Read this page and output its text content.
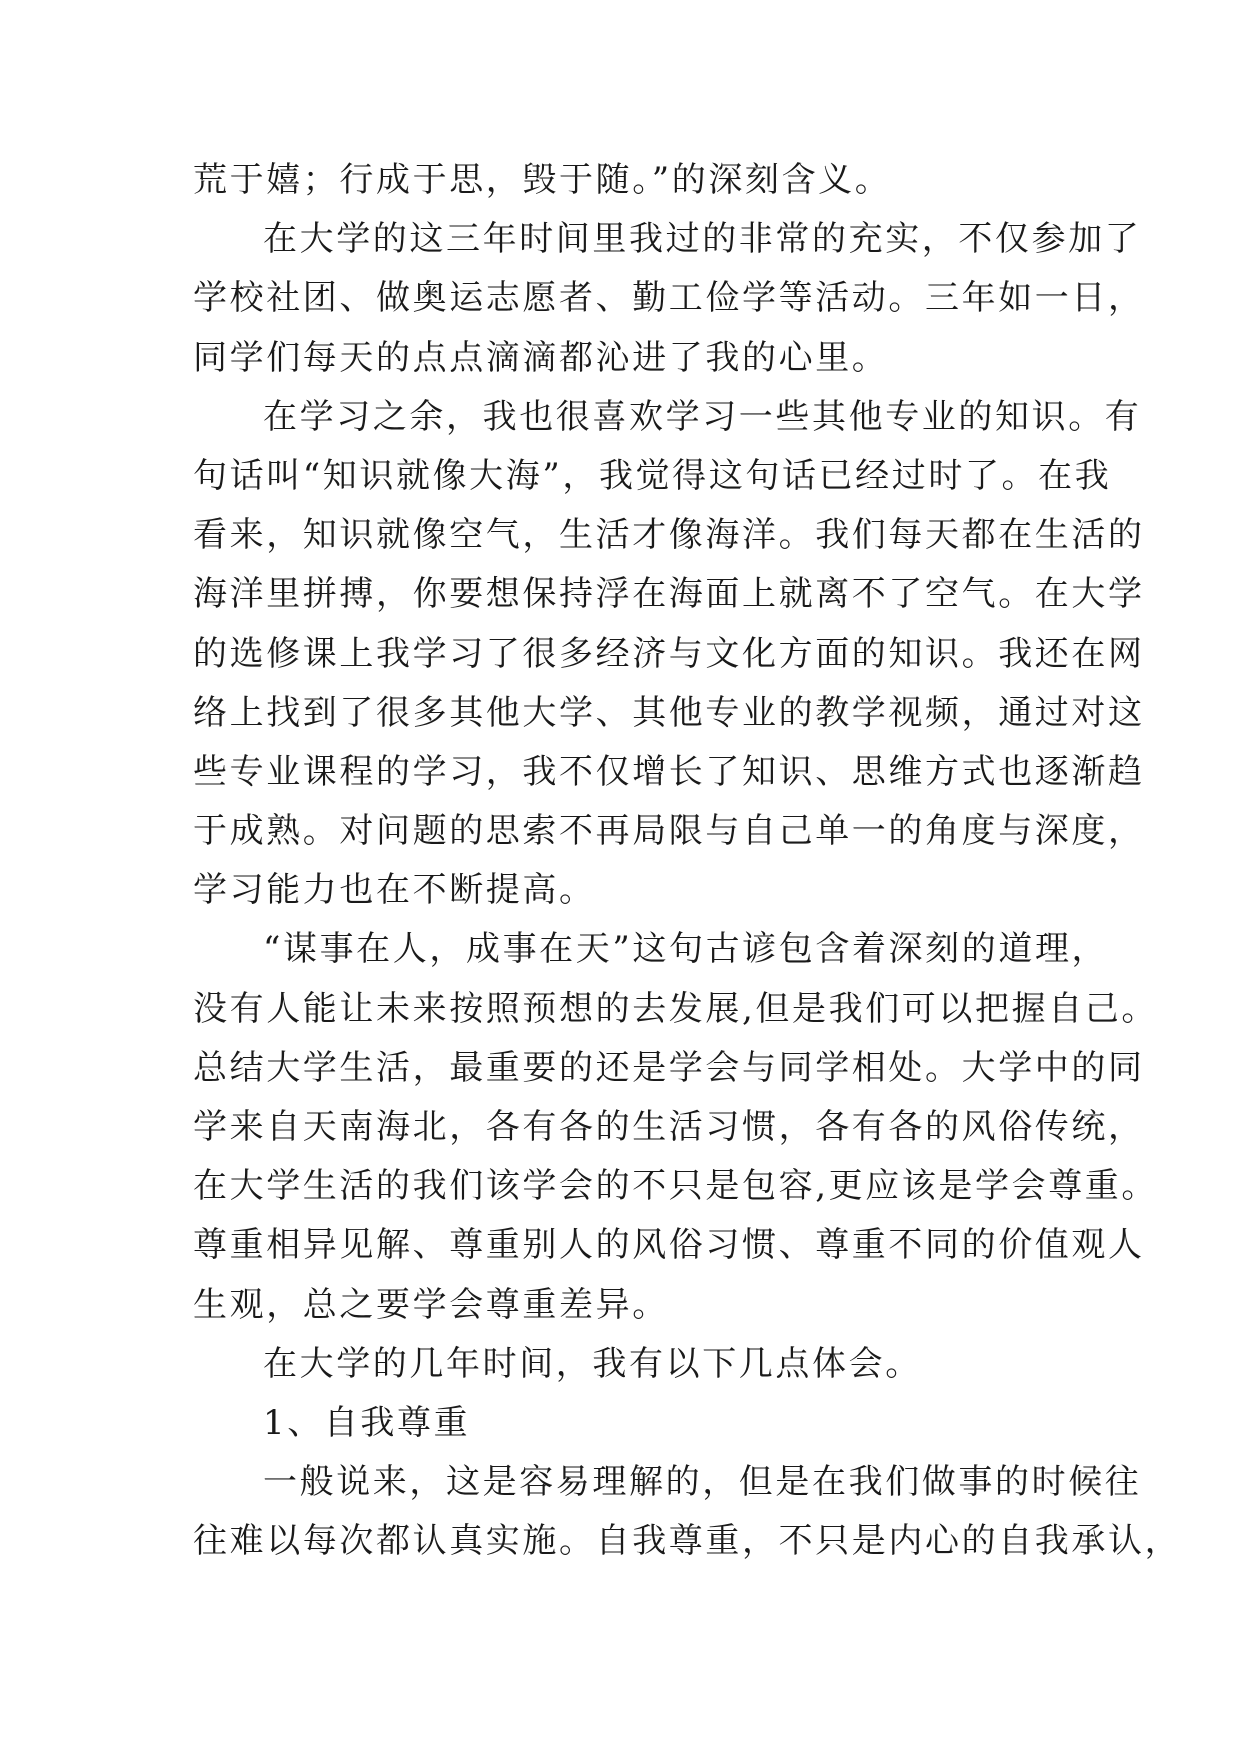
荒于嬉；行成于思，毁于随。”的深刻含义。
在大学的这三年时间里我过的非常的充实，不仅参加了
学校社团、做奥运志愿者、勤工俭学等活动。三年如一日，
同学们每天的点点滴滴都沁进了我的心里。
在学习之余，我也很喜欢学习一些其他专业的知识。有
句话叫“知识就像大海”，我觉得这句话已经过时了。在我
看来，知识就像空气，生活才像海洋。我们每天都在生活的
海洋里拼搏，你要想保持浮在海面上就离不了空气。在大学
的选修课上我学习了很多经济与文化方面的知识。我还在网
络上找到了很多其他大学、其他专业的教学视频，通过对这
些专业课程的学习，我不仅增长了知识、思维方式也逐渐趋
于成熟。对问题的思索不再局限与自己单一的角度与深度，
学习能力也在不断提高。
“谋事在人，成事在天”这句古谚包含着深刻的道理，
没有人能让未来按照预想的去发展,但是我们可以把握自己。
总结大学生活，最重要的还是学会与同学相处。大学中的同
学来自天南海北，各有各的生活习惯，各有各的风俗传统，
在大学生活的我们该学会的不只是包容,更应该是学会尊重。
尊重相异见解、尊重别人的风俗习惯、尊重不同的价值观人
生观，总之要学会尊重差异。
在大学的几年时间，我有以下几点体会。
1、自我尊重
一般说来，这是容易理解的，但是在我们做事的时候往
往难以每次都认真实施。自我尊重，不只是内心的自我承认，
